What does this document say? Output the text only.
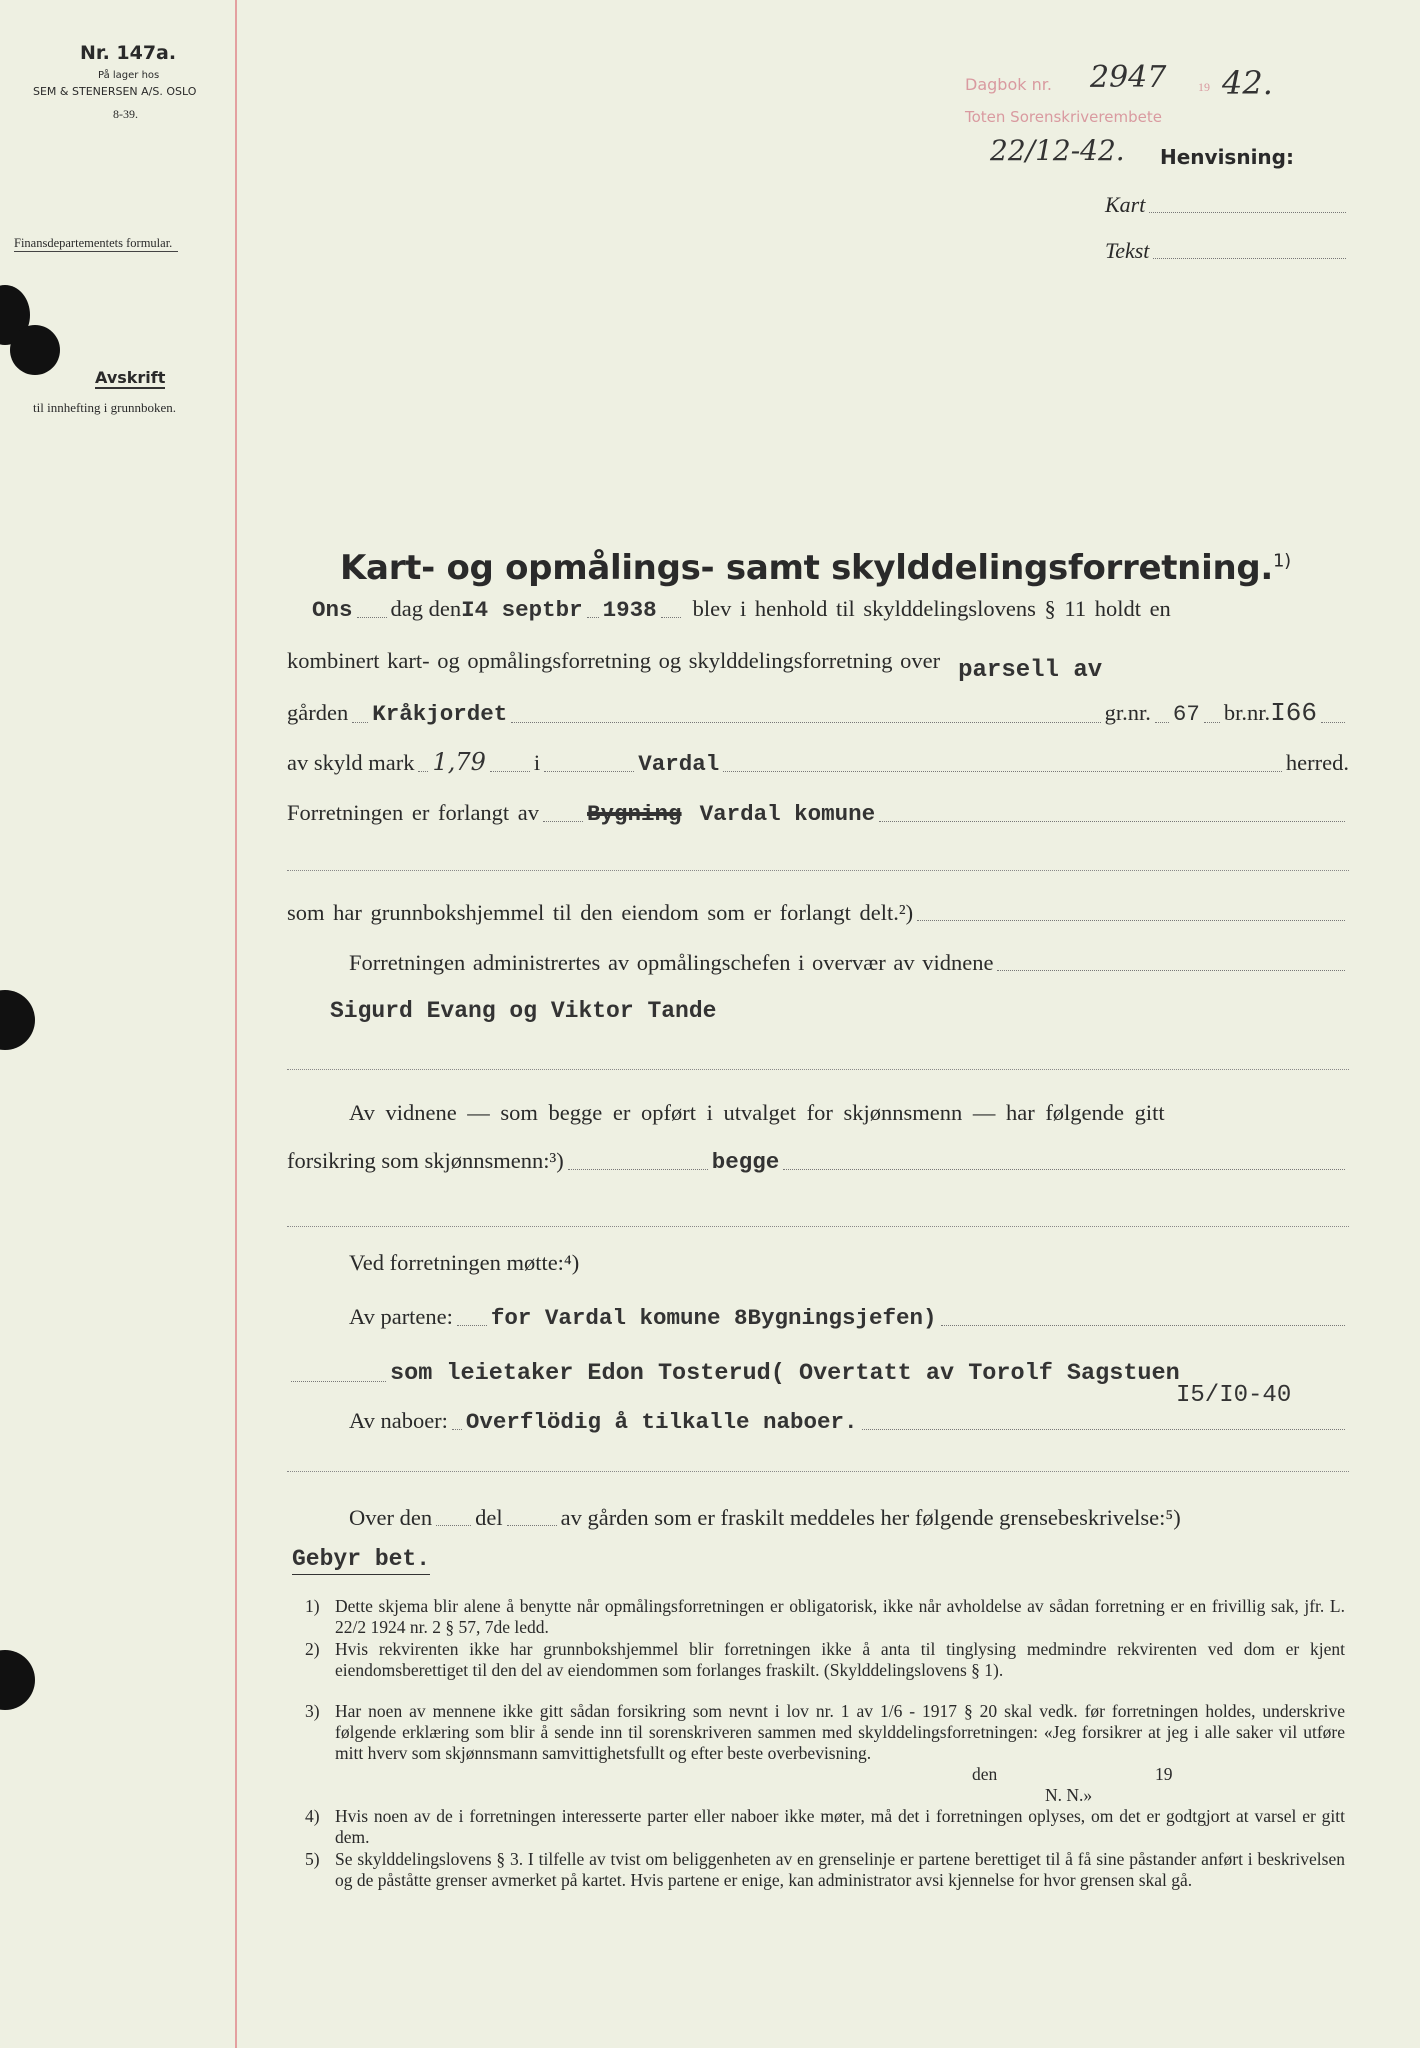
Nr. 147a.
På lager hos
SEM & STENERSEN A/S. OSLO
8-39.
Finansdepartementets formular.
Avskrift
til innhefting i grunnboken.
Dagbok nr. 2947	19 42.
Toten Sorenskriverembete
22/12-42. Henvisning:
Kart
Tekst
Kart- og opmålings- samt skylddelingsforretning.$^{1)}$
Ons dag den I4 septbr 1938 blev i henhold til skylddelingslovens § 11 holdt en
kombinert kart- og opmålingsforretning og skylddelingsforretning over parsell av
gården Kråkjordet	gr.nr. 67 br.nr. I66
av skyld mark 1,79 i	Vardal	herred.
Forretningen er forlangt av Bygning Vardal komune
som har grunnbokshjemmel til den eiendom som er forlangt delt.²)
Forretningen administrertes av opmålingschefen i overvær av vidnene
Sigurd Evang og Viktor Tande
Av vidnene — som begge er opført i utvalget for skjønnsmenn — har følgende gitt
forsikring som skjønnsmenn:³)	begge
Ved forretningen møtte:⁴)
Av partene: for Vardal komune 8Bygningsjefen)
som leietaker Edon Tosterud( Overtatt av Torolf Sagstuen
Av naboer: Overflödig å tilkalle naboer.
I5/I0-40
Over den del	av gården som er fraskilt meddeles her følgende grensebeskrivelse:⁵)
Gebyr bet.
1) Dette skjema blir alene å benytte når opmålingsforretningen er obligatorisk, ikke når avholdelse av sådan forretning er en frivillig sak, jfr. L. 22/2 1924 nr. 2 § 57, 7de ledd.

2) Hvis rekvirenten ikke har grunnbokshjemmel blir forretningen ikke å anta til tinglysing medmindre rekvirenten ved dom er kjent eiendomsberettiget til den del av eiendommen som forlanges fraskilt. (Skylddelingslovens § 1).

3) Har noen av mennene ikke gitt sådan forsikring som nevnt i lov nr. 1 av 1/6 - 1917 § 20 skal vedk. før forretningen holdes, underskrive følgende erklæring som blir å sende inn til sorenskriveren sammen med skylddelingsforretningen: «Jeg forsikrer at jeg i alle saker vil utføre mitt hverv som skjønnsmann samvittighetsfullt og efter beste overbevisning.

den	19
N. N.»
4) Hvis noen av de i forretningen interesserte parter eller naboer ikke møter, må det i forretningen oplyses, om det er godtgjort at varsel er gitt dem.

5) Se skylddelingslovens § 3. I tilfelle av tvist om beliggenheten av en grenselinje er partene berettiget til å få sine påstander anført i beskrivelsen og de påståtte grenser avmerket på kartet. Hvis partene er enige, kan administrator avsi kjennelse for hvor grensen skal gå.
